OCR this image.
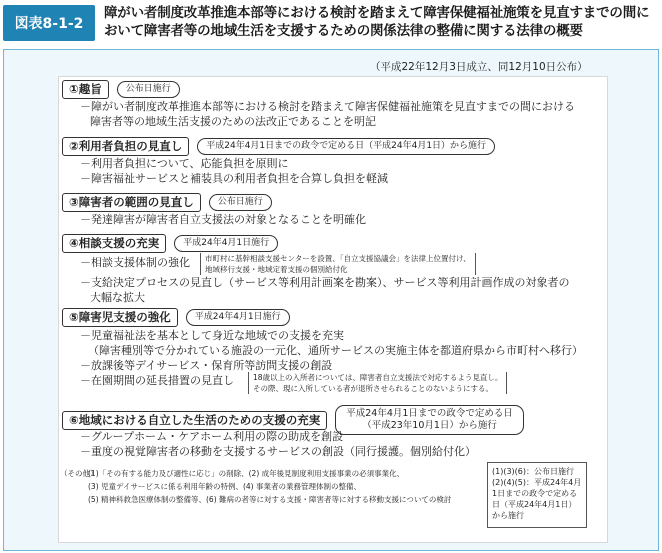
図表8-1-2
障がい者制度改革推進本部等における検討を踏まえて障害保健福祉施策を見直すまでの間において障害者等の地域生活を支援するための関係法律の整備に関する法律の概要
（平成22年12月3日成立、同12月10日公布）
①趣旨	公布日施行
－障がい者制度改革推進本部等における検討を踏まえて障害保健福祉施策を見直すまでの間における
障害者等の地域生活支援のための法改正であることを明記
②利用者負担の見直し	平成24年4月1日までの政令で定める日（平成24年4月1日）から施行
－利用者負担について、応能負担を原則に
－障害福祉サービスと補装具の利用者負担を合算し負担を軽減
③障害者の範囲の見直し	公布日施行
－発達障害が障害者自立支援法の対象となることを明確化
④相談支援の充実	平成24年4月1日施行
－相談支援体制の強化 市町村に基幹相談支援センターを設置、「自立支援協議会」を法律上位置付け、
地域移行支援・地域定着支援の個別給付化
－支給決定プロセスの見直し（サービス等利用計画案を勘案）、サービス等利用計画作成の対象者の
大幅な拡大
⑤障害児支援の強化	平成24年4月1日施行
－児童福祉法を基本として身近な地域での支援を充実
（障害種別等で分かれている施設の一元化、通所サービスの実施主体を都道府県から市町村へ移行）
－放課後等デイサービス・保育所等訪問支援の創設
－在園期間の延長措置の見直し	18歳以上の入所者については、障害者自立支援法で対応するよう見直し。
その際、現に入所している者が退所させられることのないようにする。
⑥地域における自立した生活のための支援の充実	平成24年4月1日までの政令で定める日
（平成23年10月1日）から施行
－グループホーム・ケアホーム利用の際の助成を創設
－重度の視覚障害者の移動を支援するサービスの創設（同行援護。個別給付化）
（その他）
(1)「その有する能力及び適性に応じ」の削除、(2) 成年後見制度利用支援事業の必須事業化、
(3) 児童デイサービスに係る利用年齢の特例、(4) 事業者の業務管理体制の整備、
(5) 精神科救急医療体制の整備等、(6) 難病の者等に対する支援・障害者等に対する移動支援についての検討
(1)(3)(6)：公布日施行 (2)(4)(5)：平成24年4月1日までの政令で定める日（平成24年4月1日）から施行
